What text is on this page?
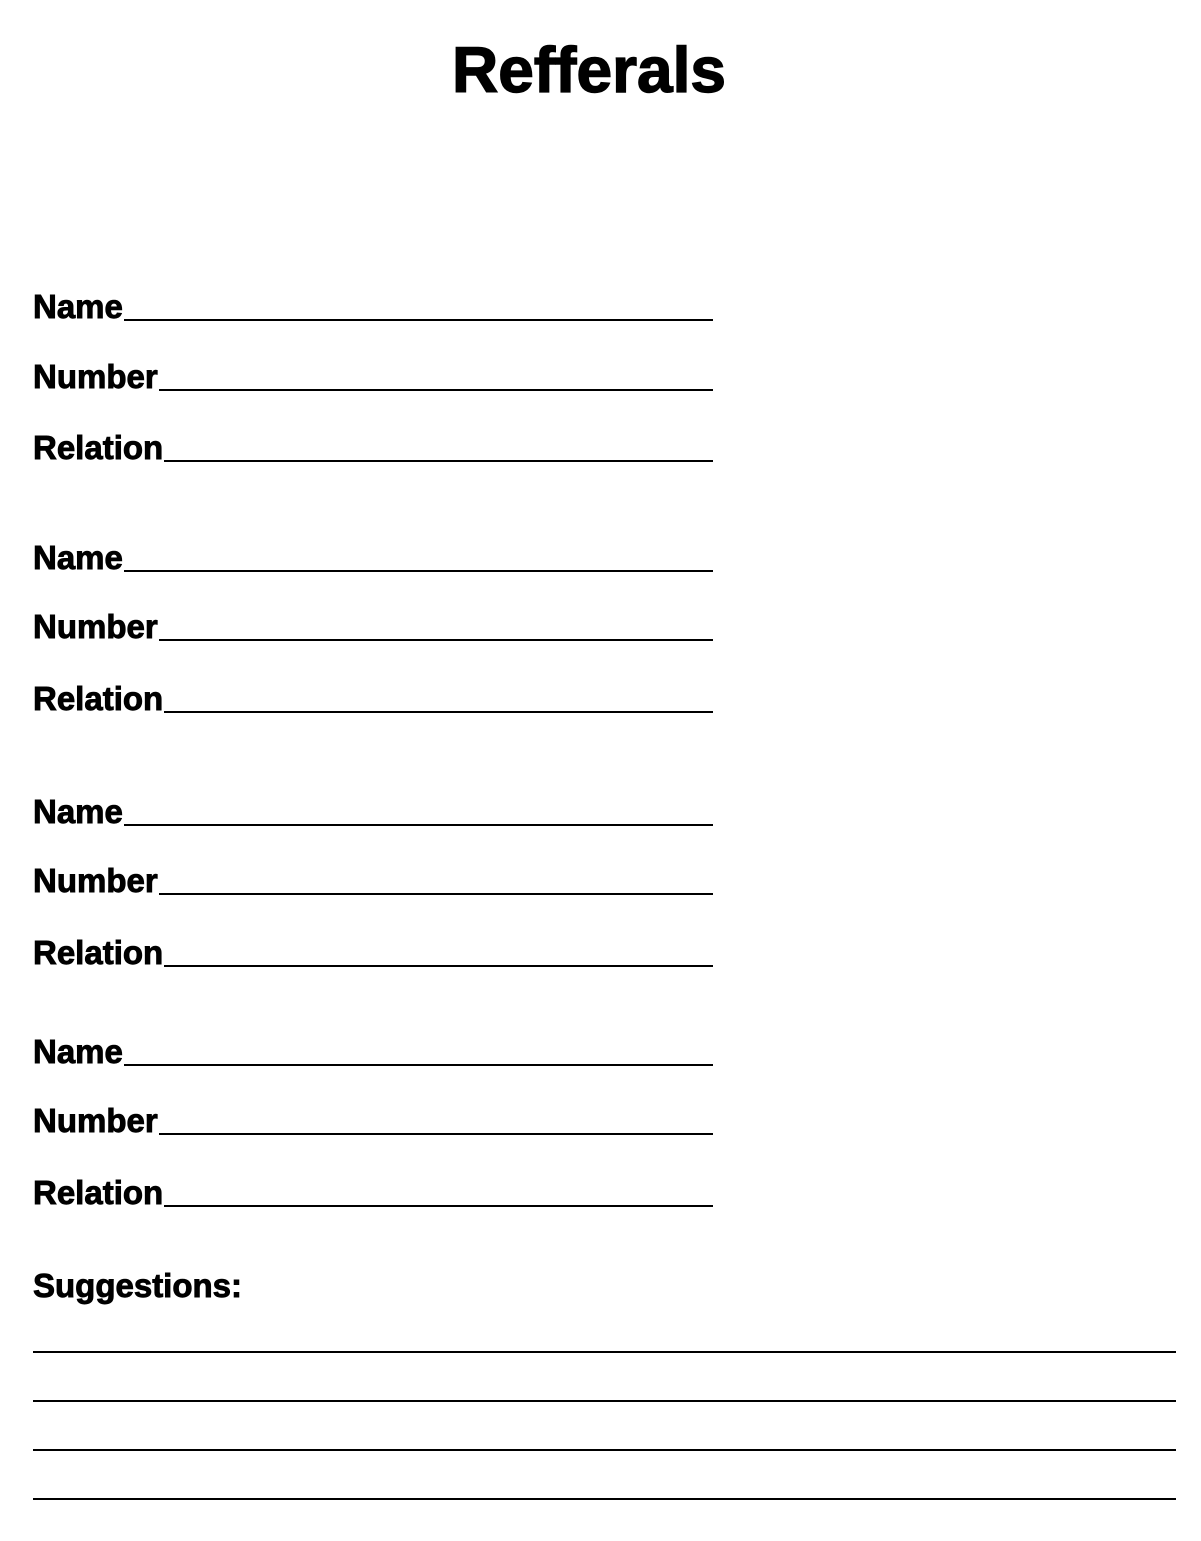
Refferals
Name
Number
Relation
Name
Number
Relation
Name
Number
Relation
Name
Number
Relation
Suggestions:
